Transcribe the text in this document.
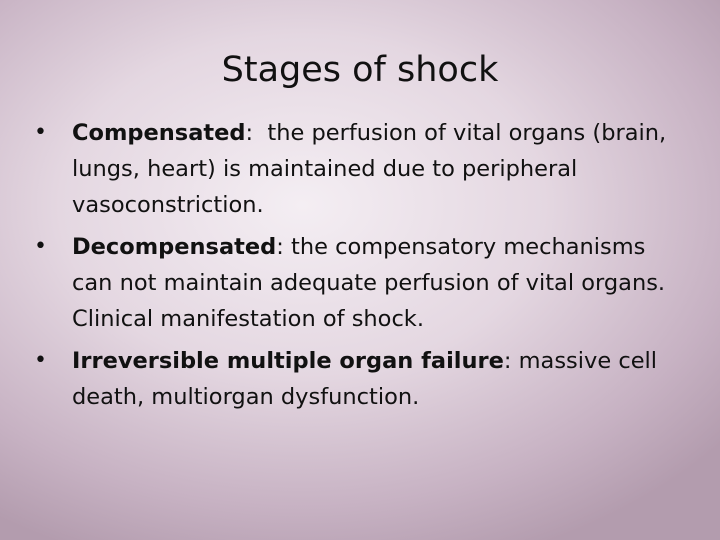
Stages of shock
•	Compensated:  the perfusion of vital organs (brain, lungs, heart) is maintained due to peripheral vasoconstriction.
•	Decompensated: the compensatory mechanisms can not maintain adequate perfusion of vital organs. Clinical manifestation of shock.
•	Irreversible multiple organ failure: massive cell death, multiorgan dysfunction.
